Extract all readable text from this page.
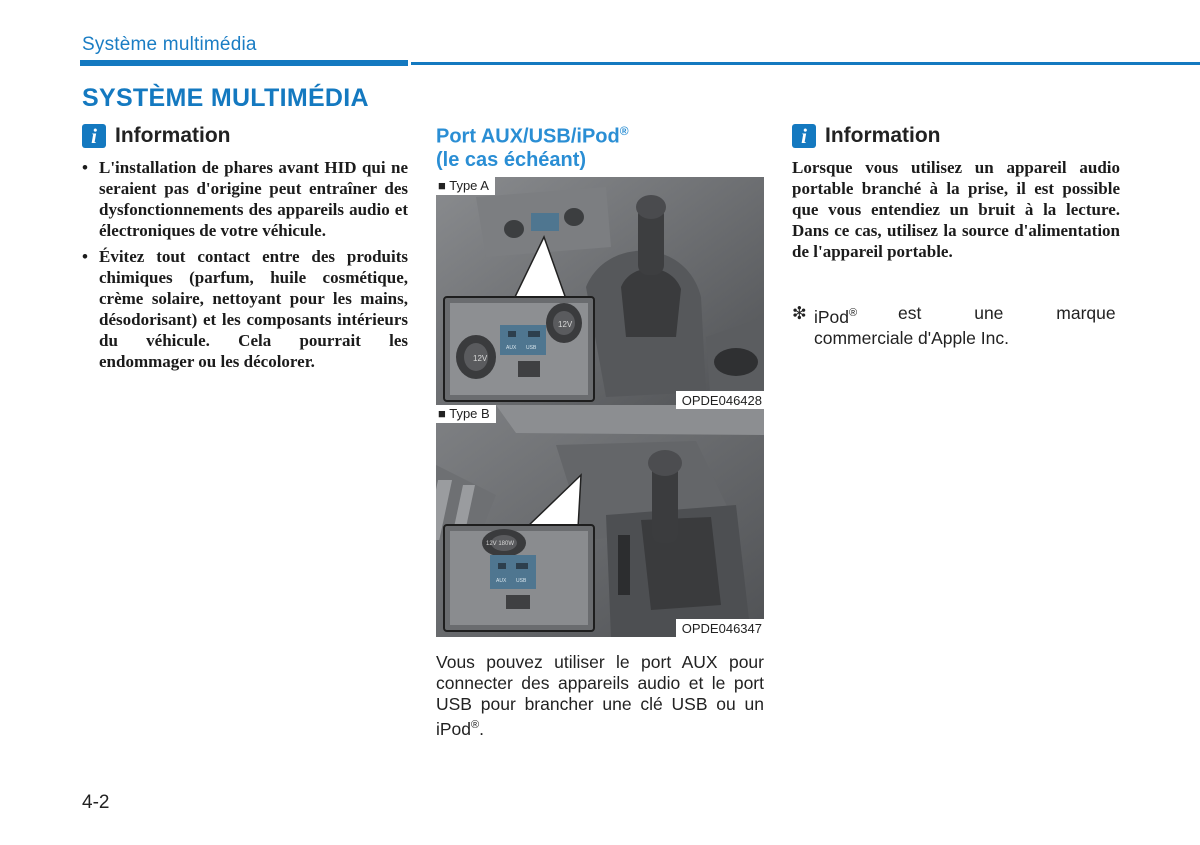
Système multimédia
SYSTÈME MULTIMÉDIA
i Information
• L'installation de phares avant HID qui ne seraient pas d'origine peut entraîner des dysfonctionnements des appareils audio et électroniques de votre véhicule.
• Évitez tout contact entre des produits chimiques (parfum, huile cosmétique, crème solaire, nettoyant pour les mains, désodorisant) et les composants intérieurs du véhicule. Cela pourrait les endommager ou les décolorer.
Port AUX/USB/iPod®
(le cas échéant)
■ Type A
12V
12V
AUX USB
OPDE046428
■ Type B
12V 180W
AUX USB
OPDE046347
Vous pouvez utiliser le port AUX pour connecter des appareils audio et le port USB pour brancher une clé USB ou un iPod®.
i Information
Lorsque vous utilisez un appareil audio portable branché à la prise, il est possible que vous entendiez un bruit à la lecture. Dans ce cas, utilisez la source d'alimentation de l'appareil portable.
❇ iPod® est une marque
commerciale d'Apple Inc.
4-2
